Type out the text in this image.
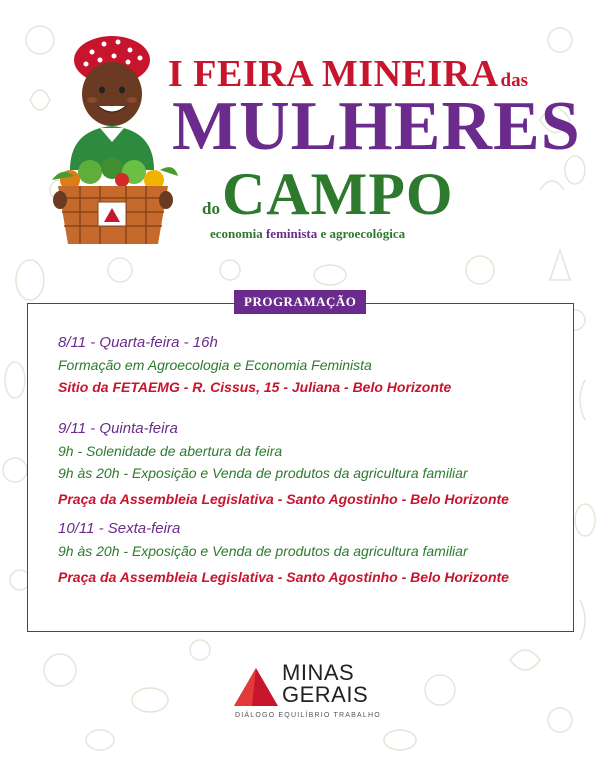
I FEIRA MINEIRA das
MULHERES
doCAMPO
economia feminista e agroecológica
PROGRAMAÇÃO
8/11 - Quarta-feira - 16h
Formação em Agroecologia e Economia Feminista
Sitio da FETAEMG - R. Cissus, 15 - Juliana - Belo Horizonte
9/11 - Quinta-feira
9h - Solenidade de abertura da feira
9h às 20h - Exposição e Venda de produtos da agricultura familiar
Praça da Assembleia Legislativa - Santo Agostinho - Belo Horizonte
10/11 - Sexta-feira
9h às 20h - Exposição e Venda de produtos da agricultura familiar
Praça da Assembleia Legislativa - Santo Agostinho - Belo Horizonte
MINAS
GERAIS
DIÁLOGO EQUILÍBRIO TRABALHO
